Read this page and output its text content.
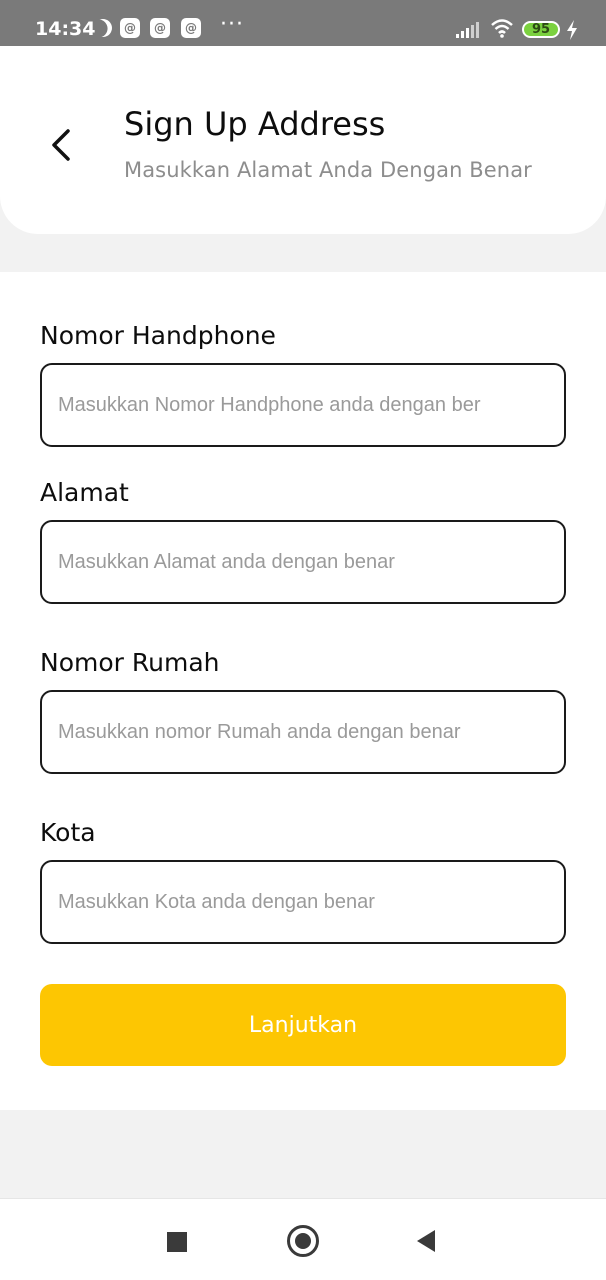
14:34	@	@	@ ···	95
Sign Up Address
Masukkan Alamat Anda Dengan Benar
Nomor Handphone
Masukkan Nomor Handphone anda dengan ber
Alamat
Masukkan Alamat anda dengan benar
Nomor Rumah
Masukkan nomor Rumah anda dengan benar
Kota
Masukkan Kota anda dengan benar
Lanjutkan
